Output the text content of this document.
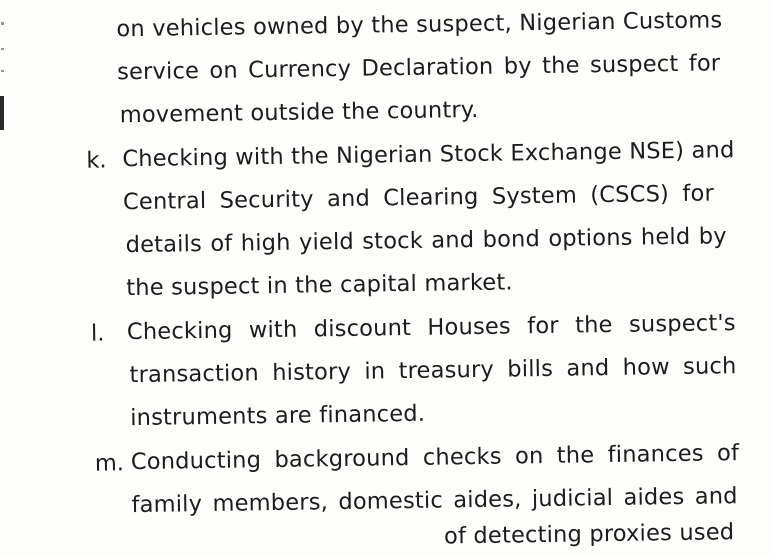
on vehicles owned by the suspect, Nigerian Customs
service on Currency Declaration by the suspect for
movement outside the country.
k. Checking with the Nigerian Stock Exchange NSE) and
Central Security and Clearing System (CSCS) for
details of high yield stock and bond options held by
the suspect in the capital market.
l. Checking with discount Houses for the suspect's
transaction history in treasury bills and how such
instruments are financed.
m. Conducting background checks on the finances of
family members, domestic aides, judicial aides and
of detecting proxies used
